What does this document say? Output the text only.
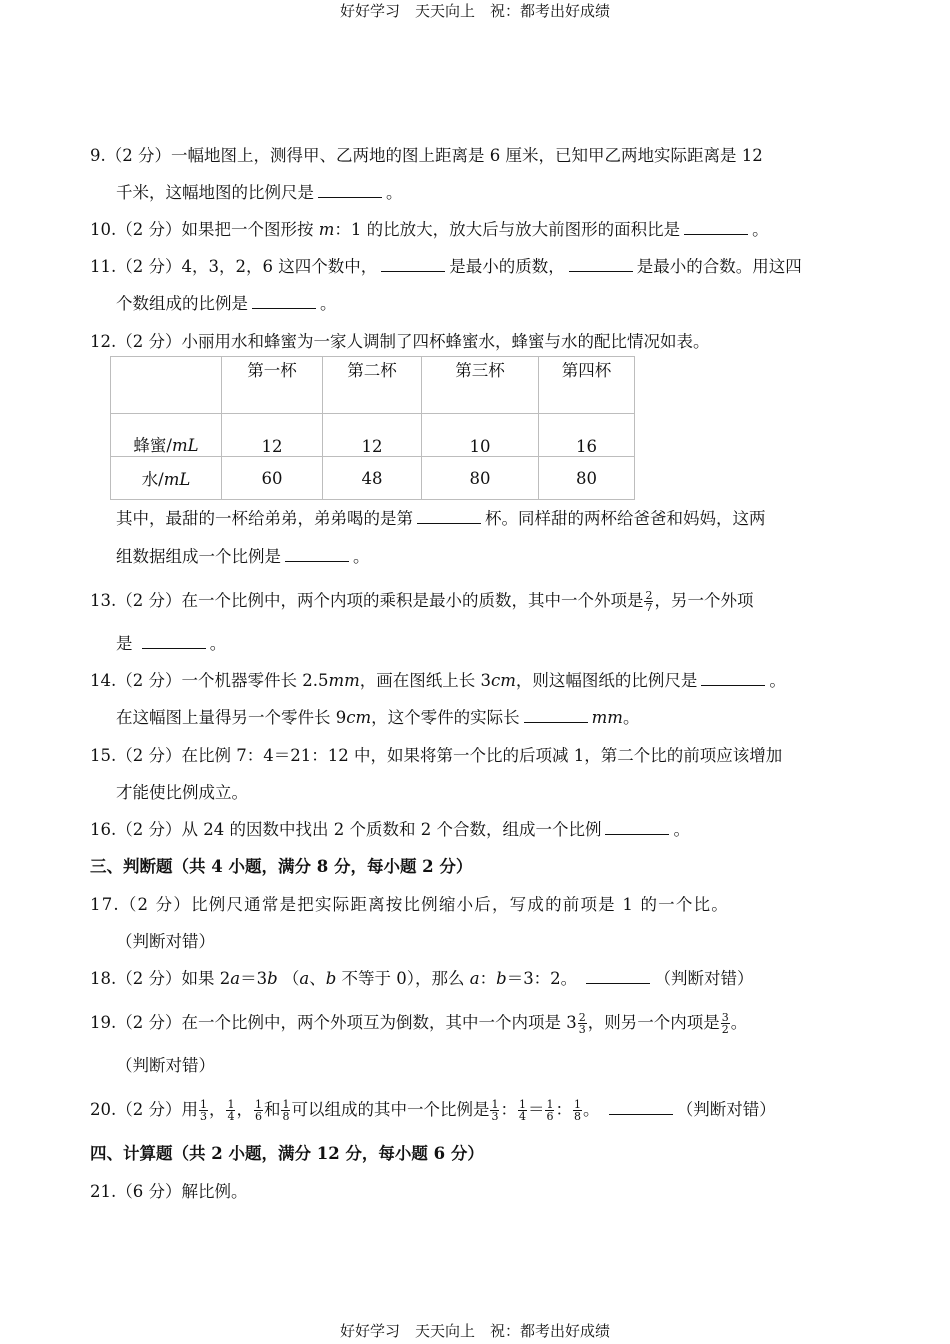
好好学习　天天向上　祝：都考出好成绩
9.（2 分）一幅地图上，测得甲、乙两地的图上距离是 6 厘米，已知甲乙两地实际距离是 12
千米，这幅地图的比例尺是	。
10.（2 分）如果把一个图形按 m：1 的比放大，放大后与放大前图形的面积比是	。
11.（2 分）4，3，2，6 这四个数中，	是最小的质数，	是最小的合数。用这四
个数组成的比例是	。
12.（2 分）小丽用水和蜂蜜为一家人调制了四杯蜂蜜水，蜂蜜与水的配比情况如表。
	第一杯	第二杯	第三杯	第四杯
蜂蜜/mL	12	12	10	16
水/mL	60	48	80	80
其中，最甜的一杯给弟弟，弟弟喝的是第	杯。同样甜的两杯给爸爸和妈妈，这两
组数据组成一个比例是	。
13.（2 分）在一个比例中，两个内项的乘积是最小的质数，其中一个外项是 $\frac{2}{7}$ ，另一个外项
是	。
14.（2 分）一个机器零件长 2.5mm，画在图纸上长 3cm，则这幅图纸的比例尺是	。
在这幅图上量得另一个零件长 9cm，这个零件的实际长	mm。
15.（2 分）在比例 7：4＝21：12 中，如果将第一个比的后项减 1，第二个比的前项应该增加
才能使比例成立。
16.（2 分）从 24 的因数中找出 2 个质数和 2 个合数，组成一个比例	。
三、判断题（共 4 小题，满分 8 分，每小题 2 分）
17.（2 分）比例尺通常是把实际距离按比例缩小后，写成的前项是 1 的一个比。
（判断对错）
18.（2 分）如果 2a＝3b （a、b 不等于 0），那么 a：b＝3：2。	（判断对错）
19.（2 分）在一个比例中，两个外项互为倒数，其中一个内项是 $3 \frac{2}{3}$ ，则另一个内项是 $\frac{3}{2}$ 。
（判断对错）
20.（2 分）用 $\frac{1}{3}$ ， $\frac{1}{4}$ ， $\frac{1}{6}$ 和 $\frac{1}{8}$ 可以组成的其中一个比例是 $\frac{1}{3}$ ： $\frac{1}{4} = \frac{1}{6}$ ： $\frac{1}{8}$ 。	（判断对错）
四、计算题（共 2 小题，满分 12 分，每小题 6 分）
21.（6 分）解比例。
好好学习　天天向上　祝：都考出好成绩
